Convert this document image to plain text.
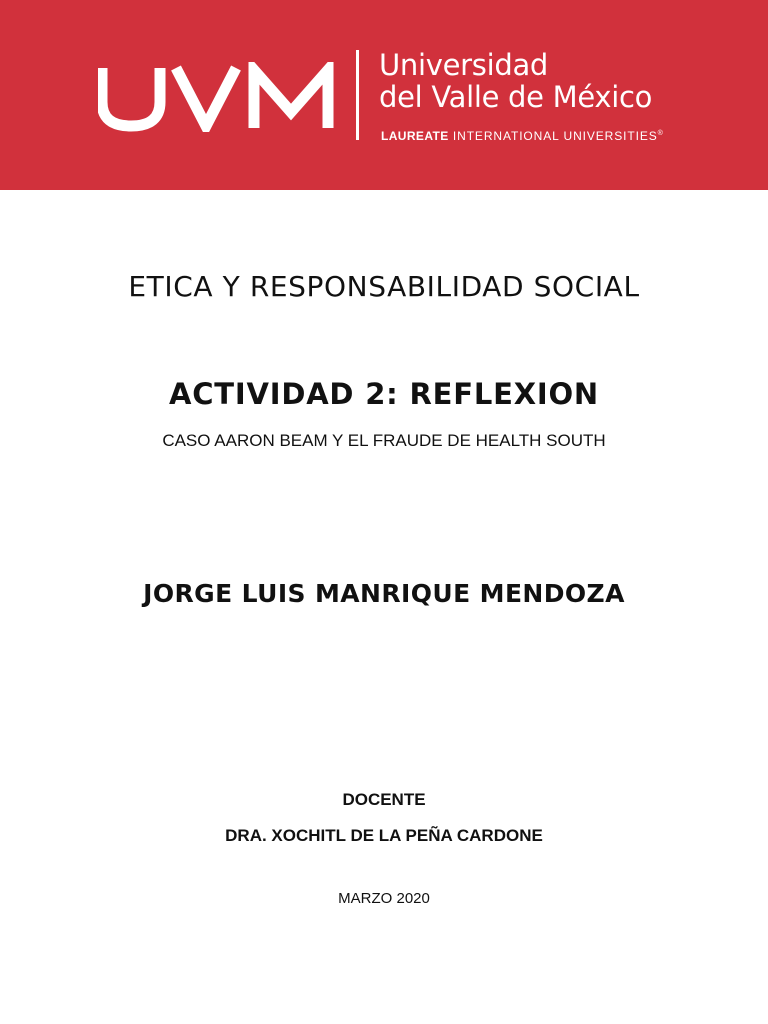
Universidad
del Valle de México
LAUREATE INTERNATIONAL UNIVERSITIES®
ETICA Y RESPONSABILIDAD SOCIAL
ACTIVIDAD 2: REFLEXION
CASO AARON BEAM Y EL FRAUDE DE HEALTH SOUTH
JORGE LUIS MANRIQUE MENDOZA
DOCENTE
DRA. XOCHITL DE LA PEÑA CARDONE
MARZO 2020
